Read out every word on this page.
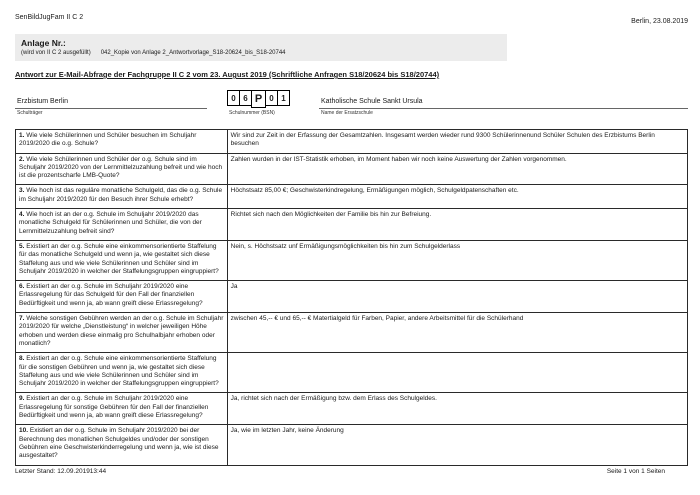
SenBildJugFam II C 2
Berlin, 23.08.2019
Anlage Nr.:
(wird von II C 2 ausgefüllt) 042_Kopie von Anlage 2_Antwortvorlage_S18-20624_bis_S18-20744
Antwort zur E-Mail-Abfrage der Fachgruppe II C 2 vom 23. August 2019 (Schriftliche Anfragen S18/20624 bis S18/20744)
Erzbistum Berlin
Schulträger
0 6 P 0 1
Schulnummer (BSN)
Katholische Schule Sankt Ursula
Name der Ersatzschule
1. Wie viele Schülerinnen und Schüler besuchen im Schuljahr 2019/2020 die o.g. Schule?	Wir sind zur Zeit in der Erfassung der Gesamtzahlen. Insgesamt werden wieder rund 9300 Schülerinnenund Schüler Schulen des Erzbistums Berlin besuchen
2. Wie viele Schülerinnen und Schüler der o.g. Schule sind im Schuljahr 2019/2020 von der Lernmittelzuzahlung befreit und wie hoch ist die prozentscharfe LMB-Quote?	Zahlen wurden in der IST-Statistik erhoben, im Moment haben wir noch keine Auswertung der Zahlen vorgenommen.
3. Wie hoch ist das reguläre monatliche Schulgeld, das die o.g. Schule im Schuljahr 2019/2020 für den Besuch ihrer Schule erhebt?	Höchstsatz 85,00 €; Geschwisterkindregelung, Ermäßigungen möglich, Schulgeldpatenschaften etc.
4. Wie hoch ist an der o.g. Schule im Schuljahr 2019/2020 das monatliche Schulgeld für Schülerinnen und Schüler, die von der Lernmittelzuzahlung befreit sind?	Richtet sich nach den Möglichkeiten der Familie bis hin zur Befreiung.
5. Existiert an der o.g. Schule eine einkommensorientierte Staffelung für das monatliche Schulgeld und wenn ja, wie gestaltet sich diese Staffelung aus und wie viele Schülerinnen und Schüler sind im Schuljahr 2019/2020 in welcher der Staffelungsgruppen eingruppiert?	Nein, s. Höchstsatz unf Ermäßigungsmöglichkeiten bis hin zum Schulgelderlass
6. Existiert an der o.g. Schule im Schuljahr 2019/2020 eine Erlassregelung für das Schulgeld für den Fall der finanziellen Bedürftigkeit und wenn ja, ab wann greift diese Erlassregelung?	Ja
7. Welche sonstigen Gebühren werden an der o.g. Schule im Schuljahr 2019/2020 für welche „Dienstleistung“ in welcher jeweiligen Höhe erhoben und werden diese einmalig pro Schulhalbjahr erhoben oder monatlich?	zwischen 45,-- € und 65,-- € Matertialgeld für Farben, Papier, andere Arbeitsmittel für die Schülerhand
8. Existiert an der o.g. Schule eine einkommensorientierte Staffelung für die sonstigen Gebühren und wenn ja, wie gestaltet sich diese Staffelung aus und wie viele Schülerinnen und Schüler sind im Schuljahr 2019/2020 in welcher der Staffelungsgruppen eingruppiert?	
9. Existiert an der o.g. Schule im Schuljahr 2019/2020 eine Erlassregelung für sonstige Gebühren für den Fall der finanziellen Bedürftigkeit und wenn ja, ab wann greift diese Erlassregelung?	Ja, richtet sich nach der Ermäßigung bzw. dem Erlass des Schulgeldes.
10. Existiert an der o.g. Schule im Schuljahr 2019/2020 bei der Berechnung des monatlichen Schulgeldes und/oder der sonstigen Gebühren eine Geschwisterkinderregelung und wenn ja, wie ist diese ausgestaltet?	Ja, wie im letzten Jahr, keine Änderung
Letzter Stand: 12.09.201913:44	Seite 1 von 1 Seiten
